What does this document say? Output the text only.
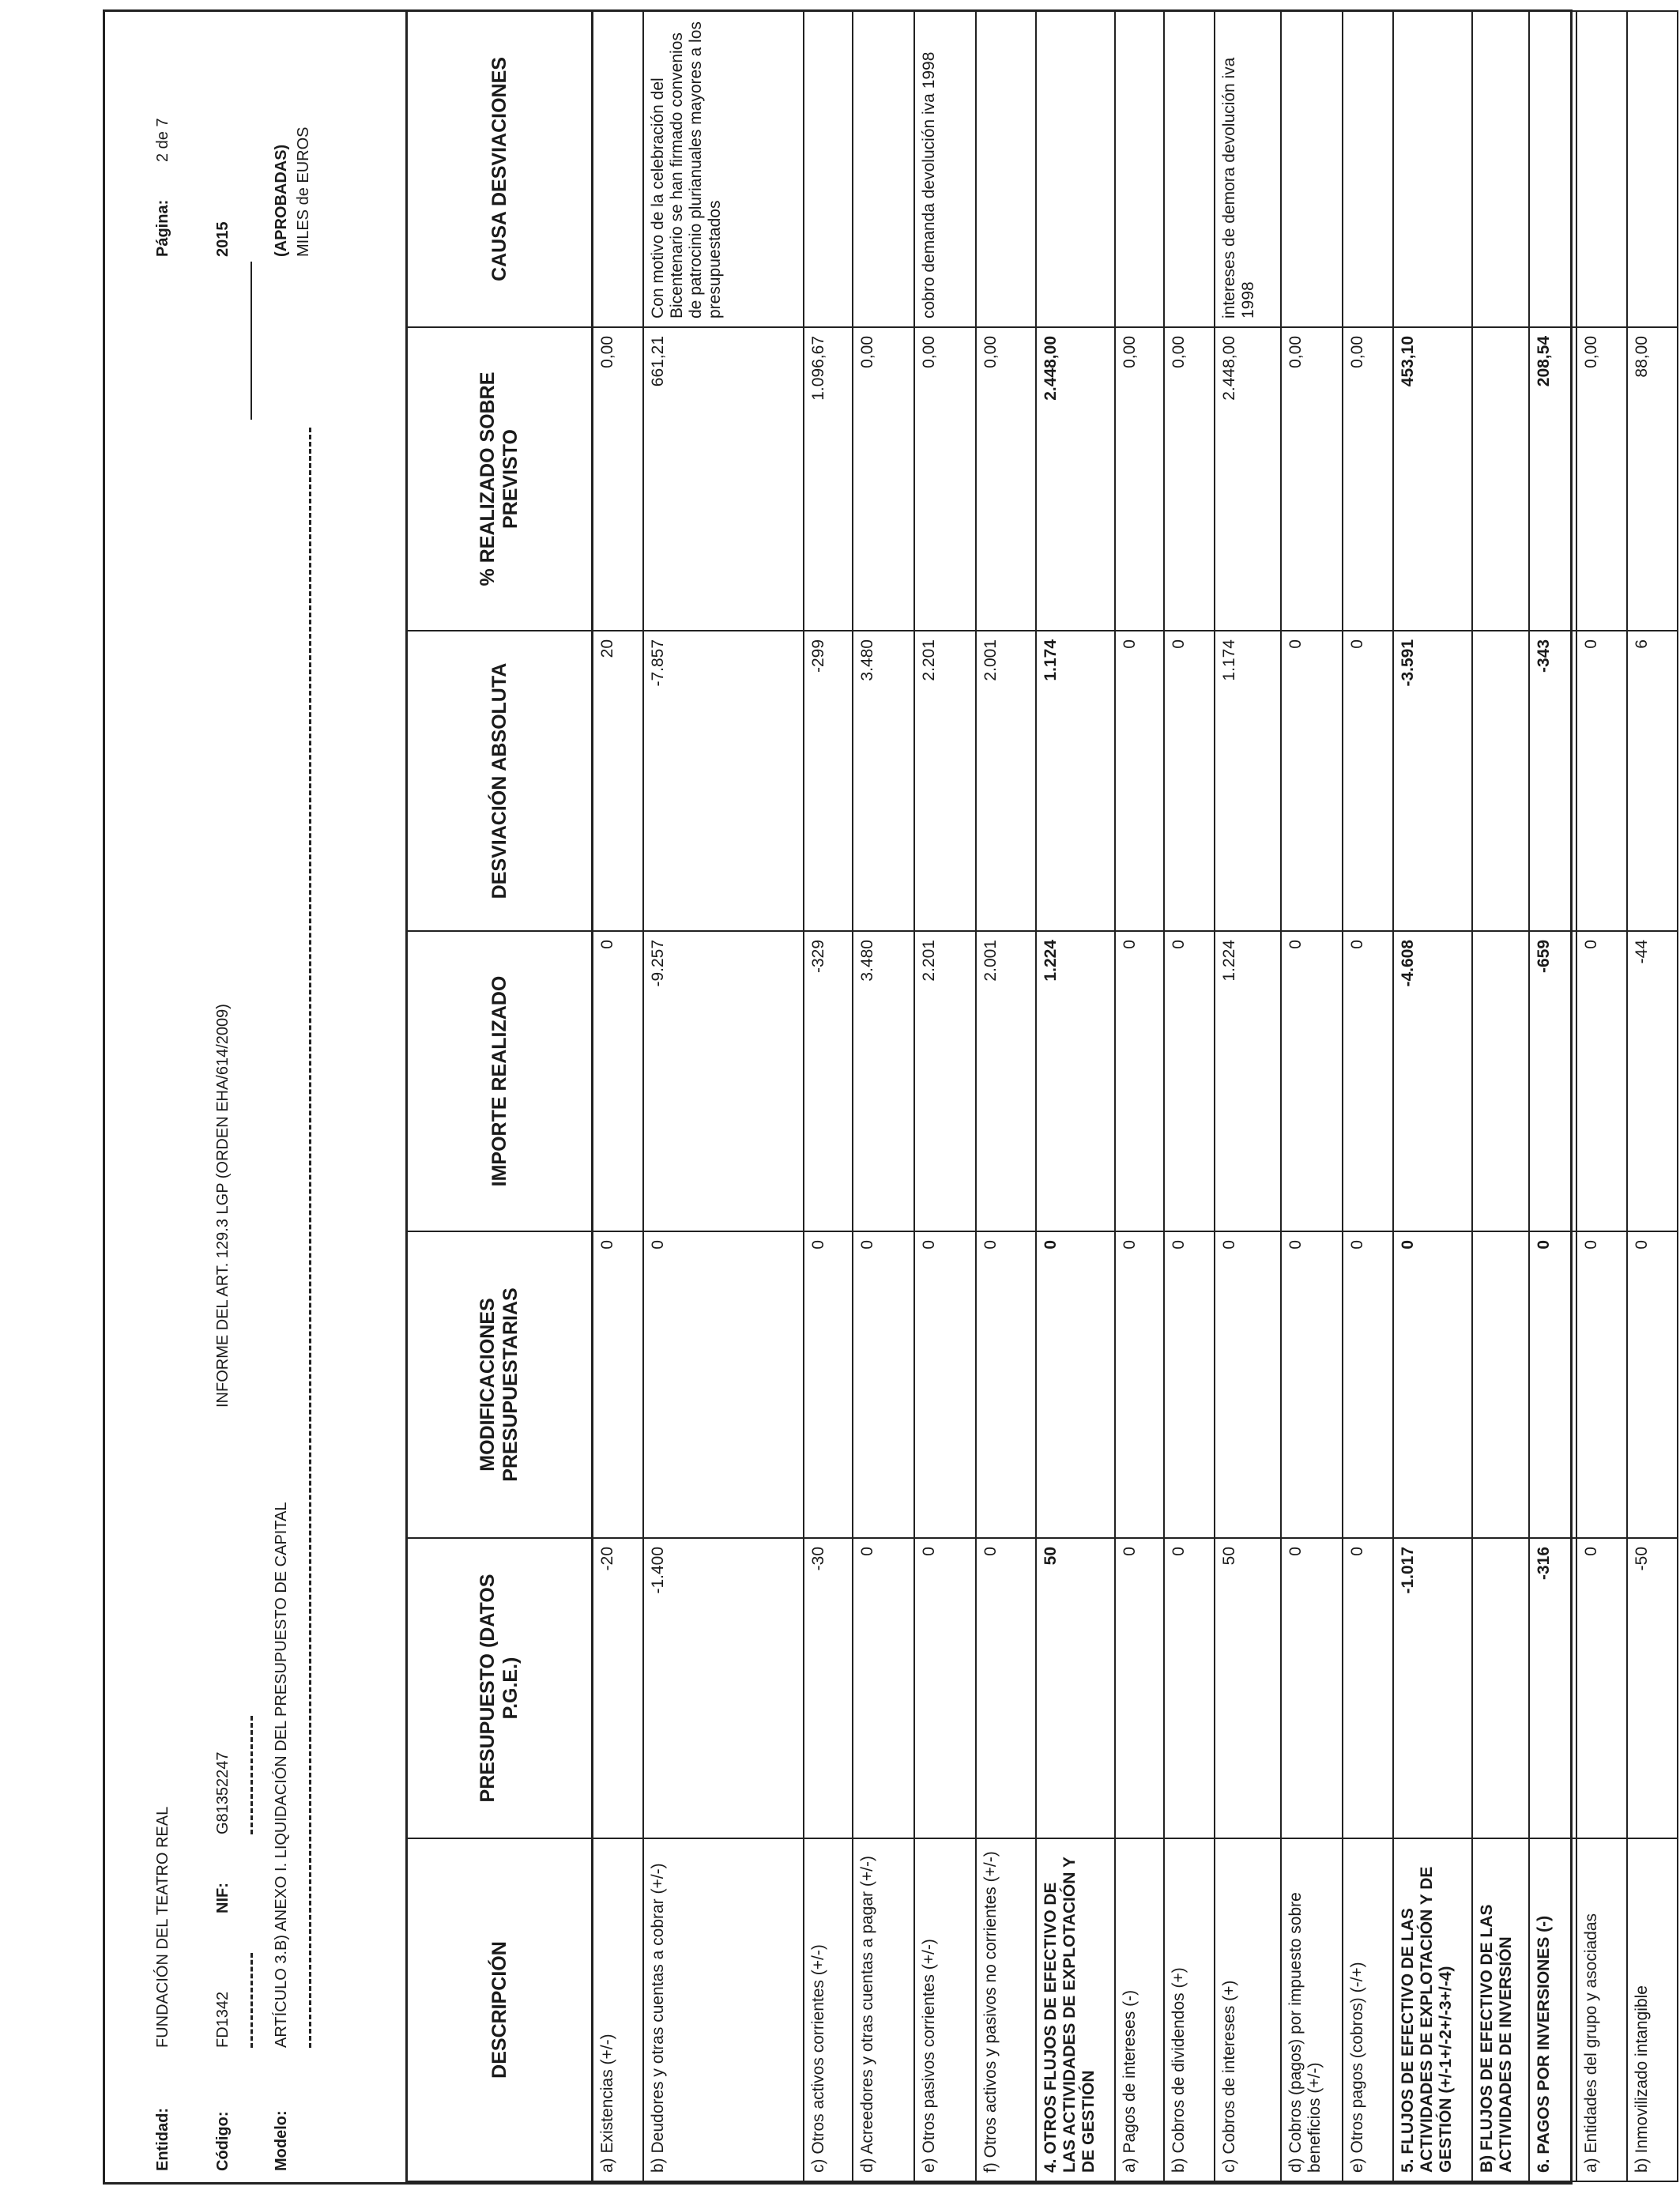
Entidad:
FUNDACIÓN DEL TEATRO REAL
Página:
2 de 7
Código:
FD1342
NIF:
G81352247
INFORME DEL ART. 129.3 LGP (ORDEN EHA/614/2009)
2015
Modelo:
ARTÍCULO 3.B) ANEXO I. LIQUIDACIÓN DEL PRESUPUESTO DE CAPITAL
(APROBADAS) MILES de EUROS
DESCRIPCIÓN	PRESUPUESTO (DATOS P.G.E.)	MODIFICACIONES PRESUPUESTARIAS	IMPORTE REALIZADO	DESVIACIÓN ABSOLUTA	% REALIZADO SOBRE PREVISTO	CAUSA DESVIACIONES
a) Existencias (+/-)	-20	0	0	20	0,00	
b) Deudores y otras cuentas a cobrar (+/-)	-1.400	0	-9.257	-7.857	661,21	Con motivo de la celebración del Bicentenario se han firmado convenios de patrocinio plurianuales mayores a los presupuestados
c) Otros activos corrientes (+/-)	-30	0	-329	-299	1.096,67	
d) Acreedores y otras cuentas a pagar (+/-)	0	0	3.480	3.480	0,00	
e) Otros pasivos corrientes (+/-)	0	0	2.201	2.201	0,00	cobro demanda devolución iva 1998
f) Otros activos y pasivos no corrientes (+/-)	0	0	2.001	2.001	0,00	
4. OTROS FLUJOS DE EFECTIVO DE LAS ACTIVIDADES DE EXPLOTACIÓN Y DE GESTIÓN	50	0	1.224	1.174	2.448,00	
a) Pagos de intereses (-)	0	0	0	0	0,00	
b) Cobros de dividendos (+)	0	0	0	0	0,00	
c) Cobros de intereses (+)	50	0	1.224	1.174	2.448,00	intereses de demora devolución iva 1998
d) Cobros (pagos) por impuesto sobre beneficios (+/-)	0	0	0	0	0,00	
e) Otros pagos (cobros) (-/+)	0	0	0	0	0,00	
5. FLUJOS DE EFECTIVO DE LAS ACTIVIDADES DE EXPLOTACIÓN Y DE GESTIÓN (+/-1+/-2+/-3+/-4)	-1.017	0	-4.608	-3.591	453,10	
B) FLUJOS DE EFECTIVO DE LAS ACTIVIDADES DE INVERSIÓN						
6. PAGOS POR INVERSIONES (-)	-316	0	-659	-343	208,54	
a) Entidades del grupo y asociadas	0	0	0	0	0,00	
b) Inmovilizado intangible	-50	0	-44	6	88,00	
